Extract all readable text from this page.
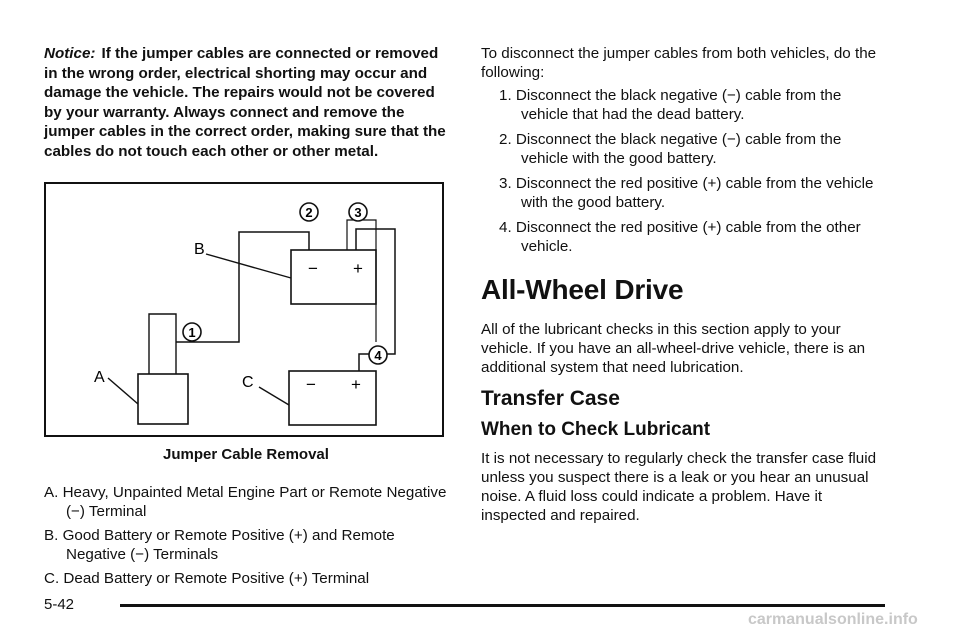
Notice: If the jumper cables are connected or removed in the wrong order, electrical shorting may occur and damage the vehicle. The repairs would not be covered by your warranty. Always connect and remove the jumper cables in the correct order, making sure that the cables do not touch each other or other metal.

− +
− +
B
A	C
1
2	3
4
Jumper Cable Removal
A. Heavy, Unpainted Metal Engine Part or Remote Negative (−) Terminal
B. Good Battery or Remote Positive (+) and Remote Negative (−) Terminals
C. Dead Battery or Remote Positive (+) Terminal

To disconnect the jumper cables from both vehicles, do the following:

1. Disconnect the black negative (−) cable from the vehicle that had the dead battery.
2. Disconnect the black negative (−) cable from the vehicle with the good battery.
3. Disconnect the red positive (+) cable from the vehicle with the good battery.
4. Disconnect the red positive (+) cable from the other vehicle.
All-Wheel Drive

All of the lubricant checks in this section apply to your vehicle. If you have an all-wheel-drive vehicle, there is an additional system that need lubrication.

Transfer Case
When to Check Lubricant

It is not necessary to regularly check the transfer case fluid unless you suspect there is a leak or you hear an unusual noise. A fluid loss could indicate a problem. Have it inspected and repaired.

5-42
carmanualsonline.info
